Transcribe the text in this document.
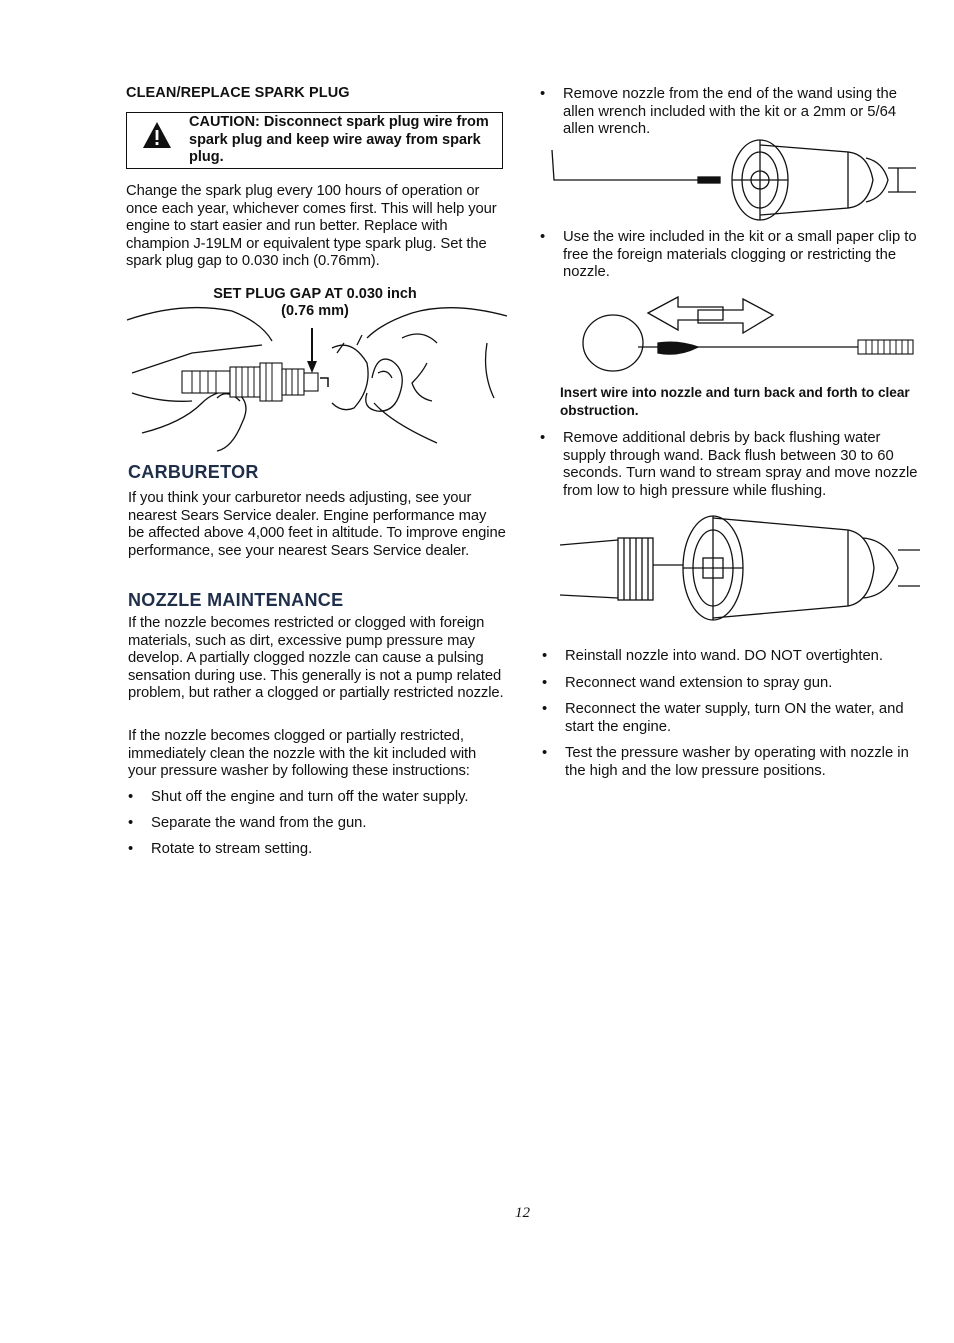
CLEAN/REPLACE SPARK PLUG
CAUTION: Disconnect spark plug wire from spark plug and keep wire away from spark plug.
Change the spark plug every 100 hours of operation or once each year, whichever comes first. This will help your engine to start easier and run better. Replace with champion J-19LM or equivalent type spark plug. Set the spark plug gap to 0.030 inch (0.76mm).
SET PLUG GAP AT 0.030 inch
(0.76 mm)
CARBURETOR
If you think your carburetor needs adjusting, see your nearest Sears Service dealer. Engine performance may be affected above 4,000 feet in altitude. To improve engine performance, see your nearest Sears Service dealer.
NOZZLE MAINTENANCE
If the nozzle becomes restricted or clogged with foreign materials, such as dirt, excessive pump pressure may develop. A partially clogged nozzle can cause a pulsing sensation during use. This generally is not a pump related problem, but rather a clogged or partially restricted nozzle.
If the nozzle becomes clogged or partially restricted, immediately clean the nozzle with the kit included with your pressure washer by following these instructions:
• Shut off the engine and turn off the water supply.
• Separate the wand from the gun.
• Rotate to stream setting.
• Remove nozzle from the end of the wand using the allen wrench included with the kit or a 2mm or 5/64 allen wrench.
• Use the wire included in the kit or a small paper clip to free the foreign materials clogging or restricting the nozzle.
Insert wire into nozzle and turn back and forth to clear obstruction.
• Remove additional debris by back flushing water supply through wand. Back flush between 30 to 60 seconds. Turn wand to stream spray and move nozzle from low to high pressure while flushing.
• Reinstall nozzle into wand. DO NOT overtighten.
• Reconnect wand extension to spray gun.
• Reconnect the water supply, turn ON the water, and start the engine.
• Test the pressure washer by operating with nozzle in the high and the low pressure positions.
12
